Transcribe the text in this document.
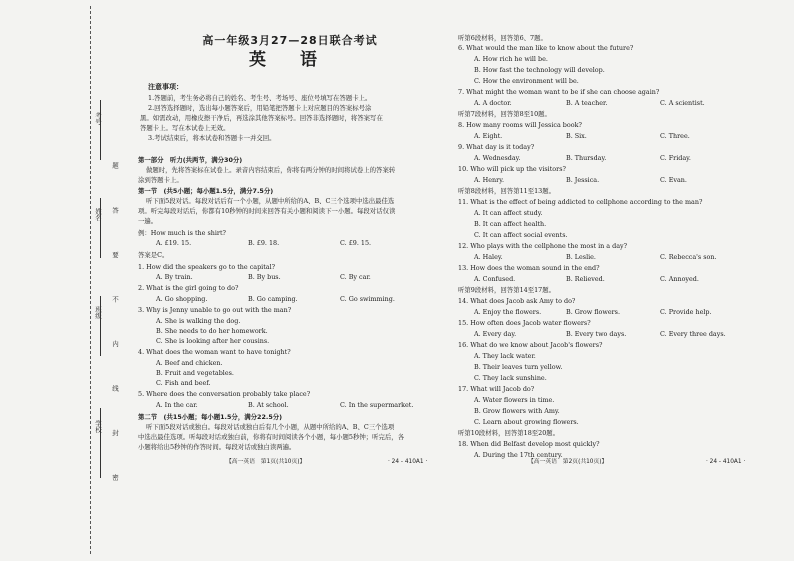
考号
姓名
班级
学校 题 答 要 不 内 线 封 密
高一年级3月27—28日联合考试
英 语
注意事项：
1.答题前，考生务必将自己的姓名、考生号、考场号、座位号填写在答题卡上。
2.回答选择题时，选出每小题答案后，用铅笔把答题卡上对应题目的答案标号涂
黑。如需改动，用橡皮擦干净后，再选涂其他答案标号。回答非选择题时，将答案写在
答题卡上。写在本试卷上无效。
3.考试结束后，将本试卷和答题卡一并交回。
第一部分　听力(共两节，满分30分)
做题时，先将答案标在试卷上。录音内容结束后，你将有两分钟的时间将试卷上的答案转
涂到答题卡上。
第一节　(共5小题；每小题1.5分，满分7.5分)
听下面5段对话。每段对话后有一个小题，从题中所给的A、B、C三个选项中选出最佳选
项。听完每段对话后，你都有10秒钟的时间来回答有关小题和阅读下一小题。每段对话仅读
一遍。
例：How much is the shirt?
A. £19. 15.	B. £9. 18.	C. £9. 15.
答案是C。
1. How did the speakers go to the capital?
A. By train.	B. By bus.	C. By car.
2. What is the girl going to do?
A. Go shopping.	B. Go camping.	C. Go swimming.
3. Why is Jenny unable to go out with the man?
A. She is walking the dog.
B. She needs to do her homework.
C. She is looking after her cousins.
4. What does the woman want to have tonight?
A. Beef and chicken.
B. Fruit and vegetables.
C. Fish and beef.
5. Where does the conversation probably take place?
A. In the car.	B. At school.	C. In the supermarket.
第二节　(共15小题；每小题1.5分，满分22.5分)
听下面5段对话或独白。每段对话或独白后有几个小题，从题中所给的A、B、C三个选项
中选出最佳选项。听每段对话或独白前，你将有时间阅读各个小题，每小题5秒钟；听完后，各
小题将给出5秒钟的作答时间。每段对话或独白读两遍。
【高一英语　第1页(共10页)】	· 24 - 410A1 ·
听第6段材料，回答第6、7题。
6. What would the man like to know about the future?
A. How rich he will be.
B. How fast the technology will develop.
C. How the environment will be.
7. What might the woman want to be if she can choose again?
A. A doctor.	B. A teacher.	C. A scientist.
听第7段材料，回答第8至10题。
8. How many rooms will Jessica book?
A. Eight.	B. Six.	C. Three.
9. What day is it today?
A. Wednesday.	B. Thursday.	C. Friday.
10. Who will pick up the visitors?
A. Henry.	B. Jessica.	C. Evan.
听第8段材料，回答第11至13题。
11. What is the effect of being addicted to cellphone according to the man?
A. It can affect study.
B. It can affect health.
C. It can affect social events.
12. Who plays with the cellphone the most in a day?
A. Haley.	B. Leslie.	C. Rebecca's son.
13. How does the woman sound in the end?
A. Confused.	B. Relieved.	C. Annoyed.
听第9段材料，回答第14至17题。
14. What does Jacob ask Amy to do?
A. Enjoy the flowers.	B. Grow flowers.	C. Provide help.
15. How often does Jacob water flowers?
A. Every day.	B. Every two days.	C. Every three days.
16. What do we know about Jacob's flowers?
A. They lack water.
B. Their leaves turn yellow.
C. They lack sunshine.
17. What will Jacob do?
A. Water flowers in time.
B. Grow flowers with Amy.
C. Learn about growing flowers.
听第10段材料，回答第18至20题。
18. When did Belfast develop most quickly?
A. During the 17th century.
【高一英语　第2页(共10页)】	· 24 - 410A1 ·
